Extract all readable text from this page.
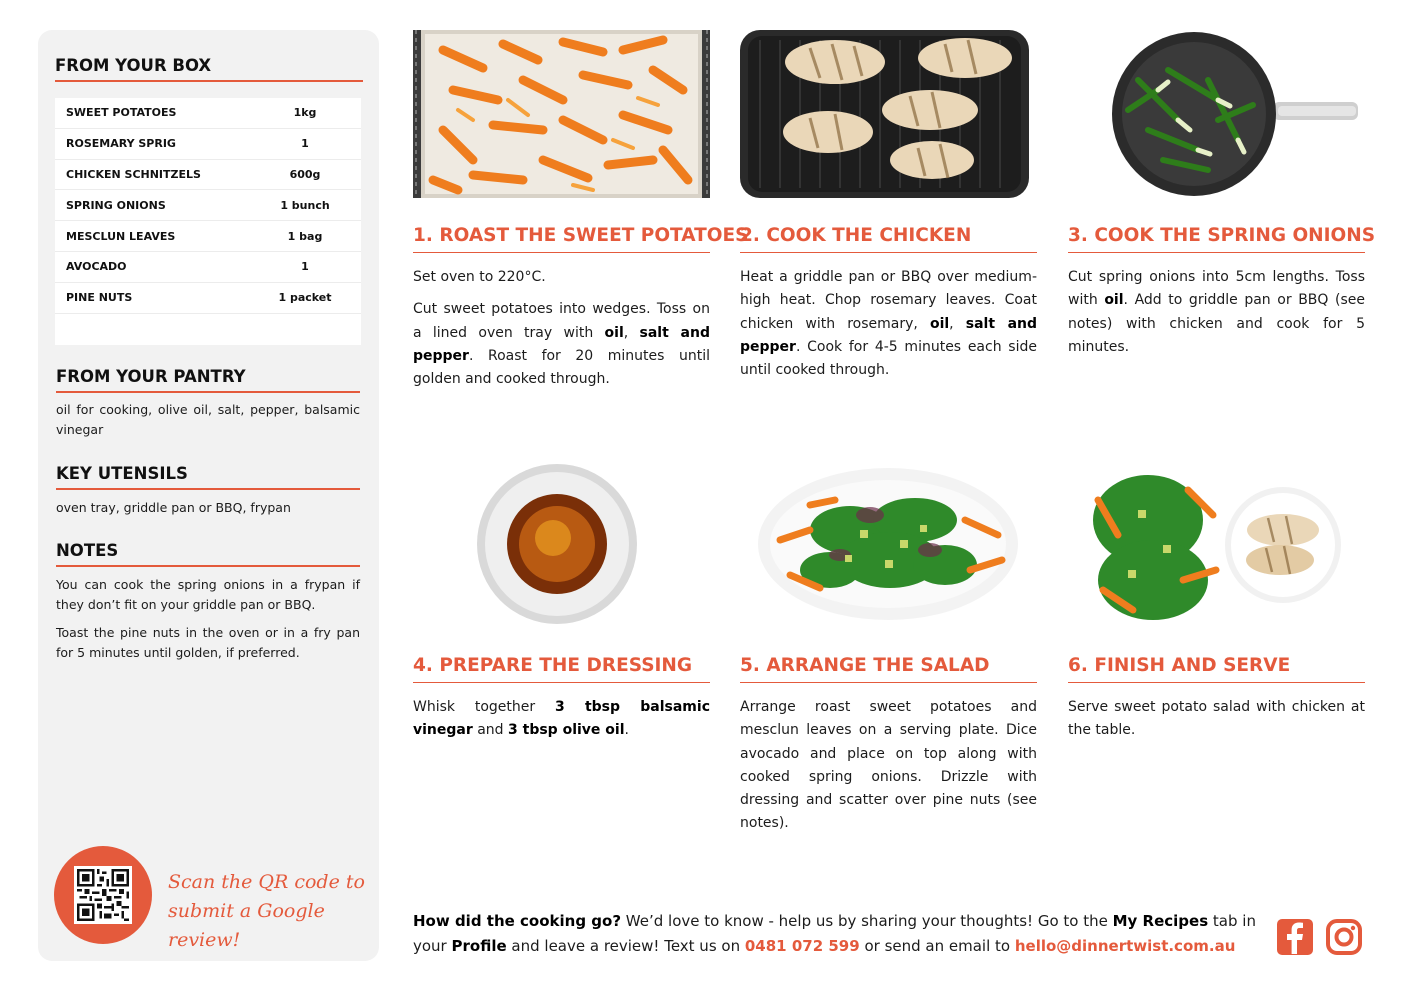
FROM YOUR BOX
SWEET POTATOES	1kg
ROSEMARY SPRIG	1
CHICKEN SCHNITZELS	600g
SPRING ONIONS	1 bunch
MESCLUN LEAVES	1 bag
AVOCADO	1
PINE NUTS	1 packet
FROM YOUR PANTRY
oil for cooking, olive oil, salt, pepper, balsamic vinegar
KEY UTENSILS
oven tray, griddle pan or BBQ, frypan
NOTES

You can cook the spring onions in a frypan if they don’t fit on your griddle pan or BBQ.

Toast the pine nuts in the oven or in a fry pan for 5 minutes until golden, if preferred.

Scan the QR code to
submit a Google review!
1. ROAST THE SWEET POTATOES

Set oven to 220°C.

Cut sweet potatoes into wedges. Toss on a lined oven tray with oil, salt and pepper. Roast for 20 minutes until golden and cooked through.

2. COOK THE CHICKEN

Heat a griddle pan or BBQ over medium-high heat. Chop rosemary leaves. Coat chicken with rosemary, oil, salt and pepper. Cook for 4-5 minutes each side until cooked through.

3. COOK THE SPRING ONIONS

Cut spring onions into 5cm lengths. Toss with oil. Add to griddle pan or BBQ (see notes) with chicken and cook for 5 minutes.

4. PREPARE THE DRESSING

Whisk together 3 tbsp balsamic vinegar and 3 tbsp olive oil.

5. ARRANGE THE SALAD

Arrange roast sweet potatoes and mesclun leaves on a serving plate. Dice avocado and place on top along with cooked spring onions. Drizzle with dressing and scatter over pine nuts (see notes).

6. FINISH AND SERVE

Serve sweet potato salad with chicken at the table.

How did the cooking go? We’d love to know - help us by sharing your thoughts! Go to the My Recipes tab in your Profile and leave a review! Text us on 0481 072 599 or send an email to hello@dinnertwist.com.au
